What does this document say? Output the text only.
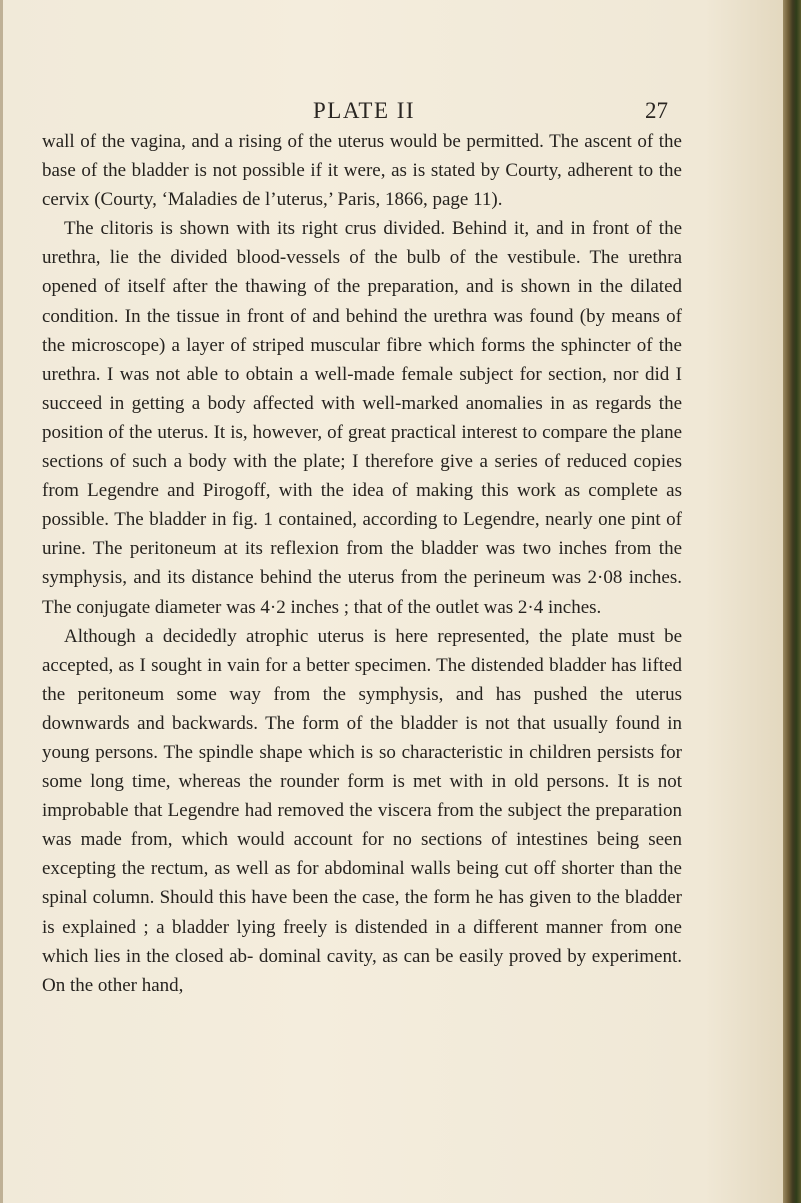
PLATE II	27

wall of the vagina, and a rising of the uterus would be permitted. The ascent of the base of the bladder is not possible if it were, as is stated by Courty, adherent to the cervix (Courty, ‘Maladies de l’uterus,’ Paris, 1866, page 11).

The clitoris is shown with its right crus divided. Behind it, and in front of the urethra, lie the divided blood-vessels of the bulb of the vestibule. The urethra opened of itself after the thawing of the preparation, and is shown in the dilated condition. In the tissue in front of and behind the urethra was found (by means of the microscope) a layer of striped muscular fibre which forms the sphincter of the urethra. I was not able to obtain a well-made female subject for section, nor did I succeed in getting a body affected with well-marked anomalies in as regards the position of the uterus. It is, however, of great practical interest to compare the plane sections of such a body with the plate; I therefore give a series of reduced copies from Legendre and Pirogoff, with the idea of making this work as complete as possible. The bladder in fig. 1 contained, according to Legendre, nearly one pint of urine. The peritoneum at its reflexion from the bladder was two inches from the symphysis, and its distance behind the uterus from the perineum was 2·08 inches. The conjugate diameter was 4·2 inches ; that of the outlet was 2·4 inches.

Although a decidedly atrophic uterus is here represented, the plate must be accepted, as I sought in vain for a better specimen. The distended bladder has lifted the peritoneum some way from the symphysis, and has pushed the uterus downwards and backwards. The form of the bladder is not that usually found in young persons. The spindle shape which is so characteristic in children persists for some long time, whereas the rounder form is met with in old persons. It is not improbable that Legendre had removed the viscera from the subject the preparation was made from, which would account for no sections of intestines being seen excepting the rectum, as well as for abdominal walls being cut off shorter than the spinal column. Should this have been the case, the form he has given to the bladder is explained ; a bladder lying freely is distended in a different manner from one which lies in the closed ab- dominal cavity, as can be easily proved by experiment. On the other hand,
